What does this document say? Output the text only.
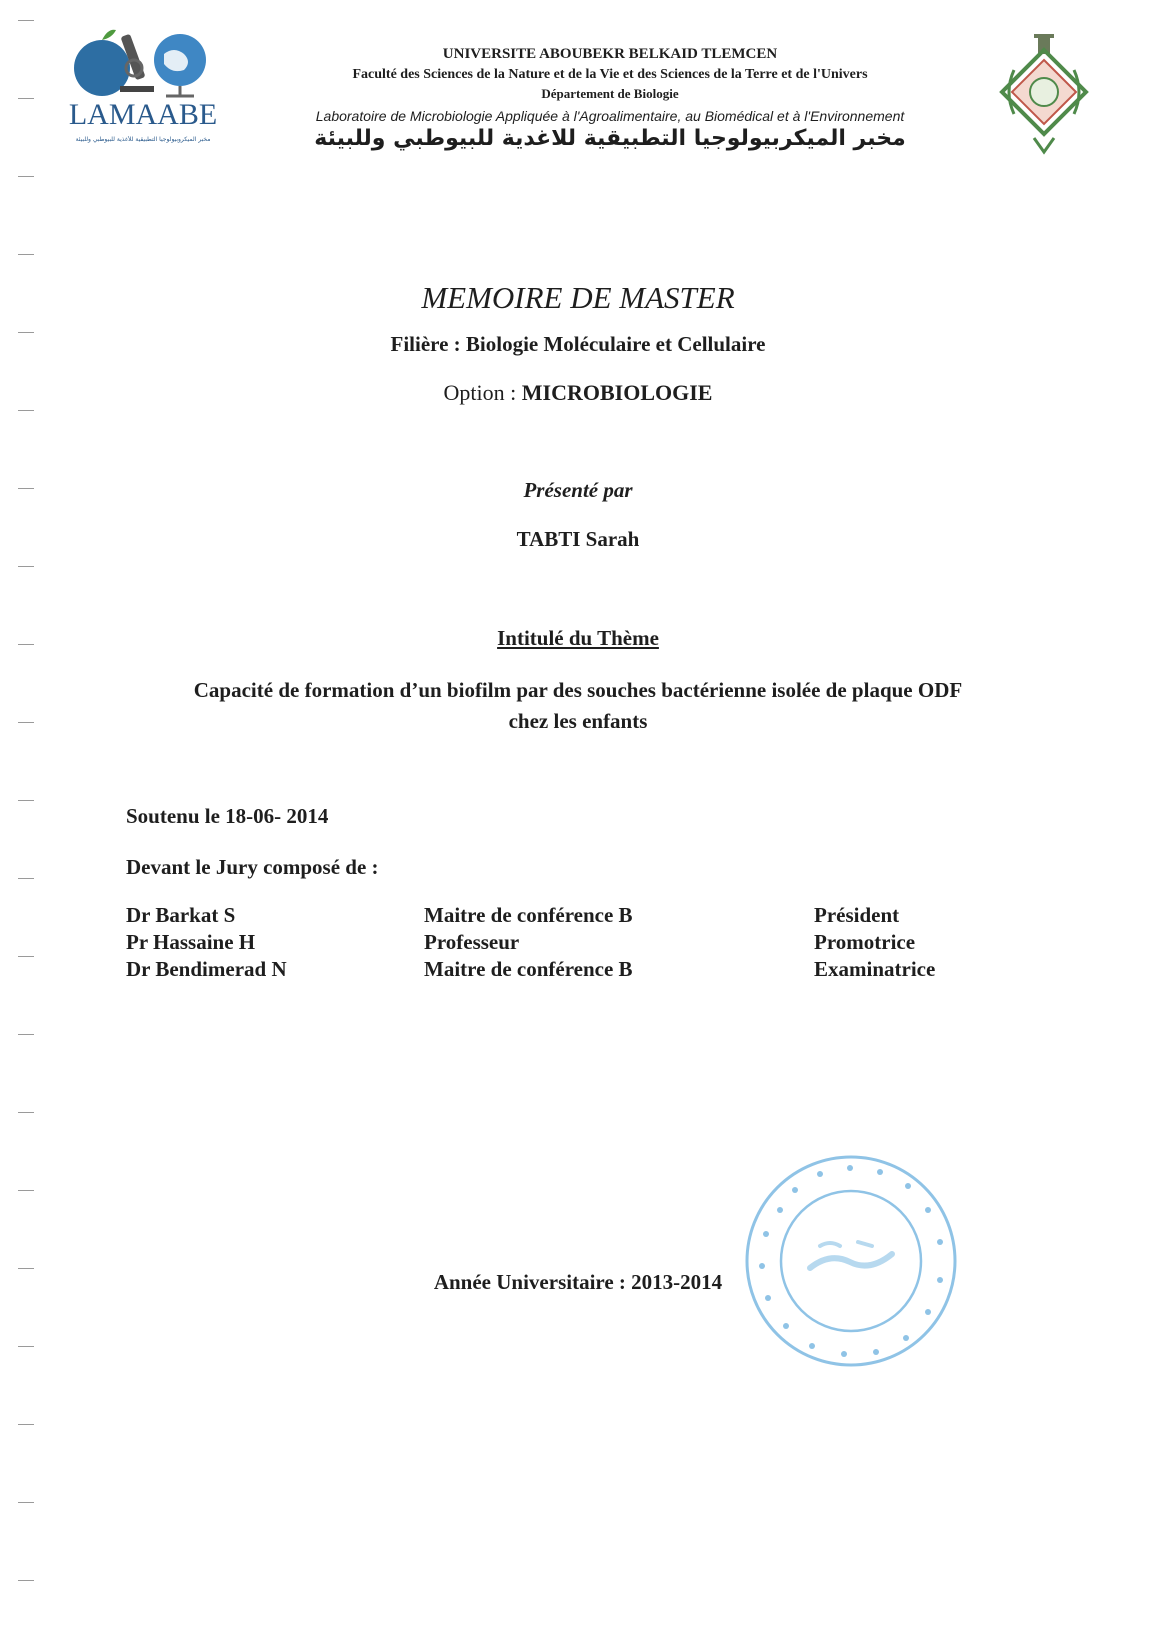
LAMAABE
مخبر الميكروبيولوجيا التطبيقية للأغذية للبيوطبي وللبيئة
UNIVERSITE ABOUBEKR BELKAID TLEMCEN
Faculté des Sciences de la Nature et de la Vie et des Sciences de la Terre et de l'Univers
Département de Biologie
Laboratoire de Microbiologie Appliquée à l'Agroalimentaire, au Biomédical et à l'Environnement
مخبر الميكربيولوجيا التطبيقية للاغدية للبيوطبي وللبيئة
MEMOIRE DE MASTER
Filière : Biologie Moléculaire et Cellulaire
Option : MICROBIOLOGIE
Présenté par
TABTI Sarah
Intitulé du Thème
Capacité de formation d’un biofilm par des souches bactérienne isolée de plaque ODF
chez les enfants
Soutenu le 18-06- 2014
Devant le Jury composé de :
Dr Barkat S	Maitre de conférence B	Président
Pr Hassaine H	Professeur	Promotrice
Dr Bendimerad N	Maitre de conférence B	Examinatrice
Année Universitaire : 2013-2014
